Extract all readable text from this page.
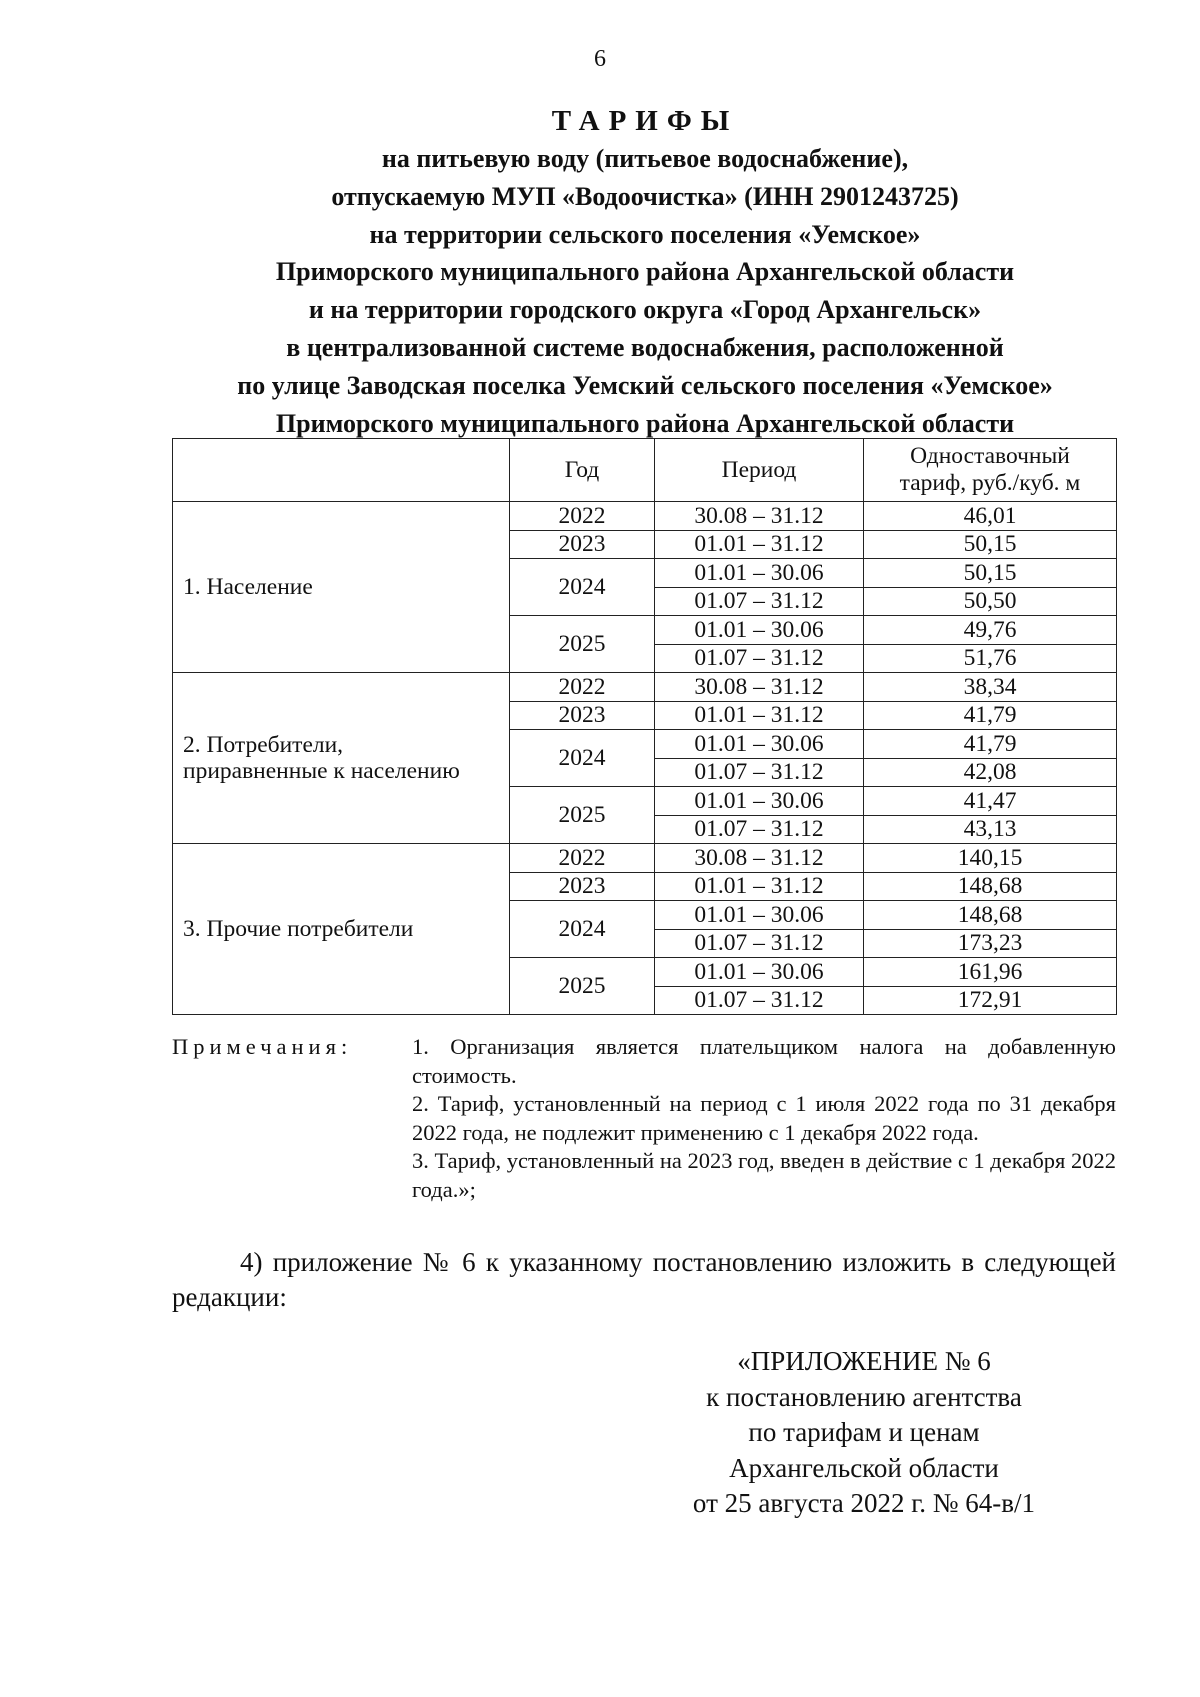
6
ТАРИФЫ
на питьевую воду (питьевое водоснабжение),
отпускаемую МУП «Водоочистка» (ИНН 2901243725)
на территории сельского поселения «Уемское»
Приморского муниципального района Архангельской области
и на территории городского округа «Город Архангельск»
в централизованной системе водоснабжения, расположенной
по улице Заводская поселка Уемский сельского поселения «Уемское»
Приморского муниципального района Архангельской области
	Год	Период	Одноставочный
тариф, руб./куб. м
1. Население	2022	30.08 – 31.12	46,01
	2023	01.01 – 31.12	50,15
	2024	01.01 – 30.06	50,15
		01.07 – 31.12	50,50
	2025	01.01 – 30.06	49,76
		01.07 – 31.12	51,76
2. Потребители,
приравненные к населению	2022	30.08 – 31.12	38,34
	2023	01.01 – 31.12	41,79
	2024	01.01 – 30.06	41,79
		01.07 – 31.12	42,08
	2025	01.01 – 30.06	41,47
		01.07 – 31.12	43,13
3. Прочие потребители	2022	30.08 – 31.12	140,15
	2023	01.01 – 31.12	148,68
	2024	01.01 – 30.06	148,68
		01.07 – 31.12	173,23
	2025	01.01 – 30.06	161,96
		01.07 – 31.12	172,91
Примечания:	1. Организация является плательщиком налога на добавленную стоимость.

2. Тариф, установленный на период с 1 июля 2022 года по 31 декабря 2022 года, не подлежит применению с 1 декабря 2022 года.

3. Тариф, установленный на 2023 год, введен в действие с 1 декабря 2022 года.»;

4) приложение № 6 к указанному постановлению изложить в следующей редакции:

«ПРИЛОЖЕНИЕ № 6
к постановлению агентства
по тарифам и ценам
Архангельской области
от 25 августа 2022 г. № 64-в/1
